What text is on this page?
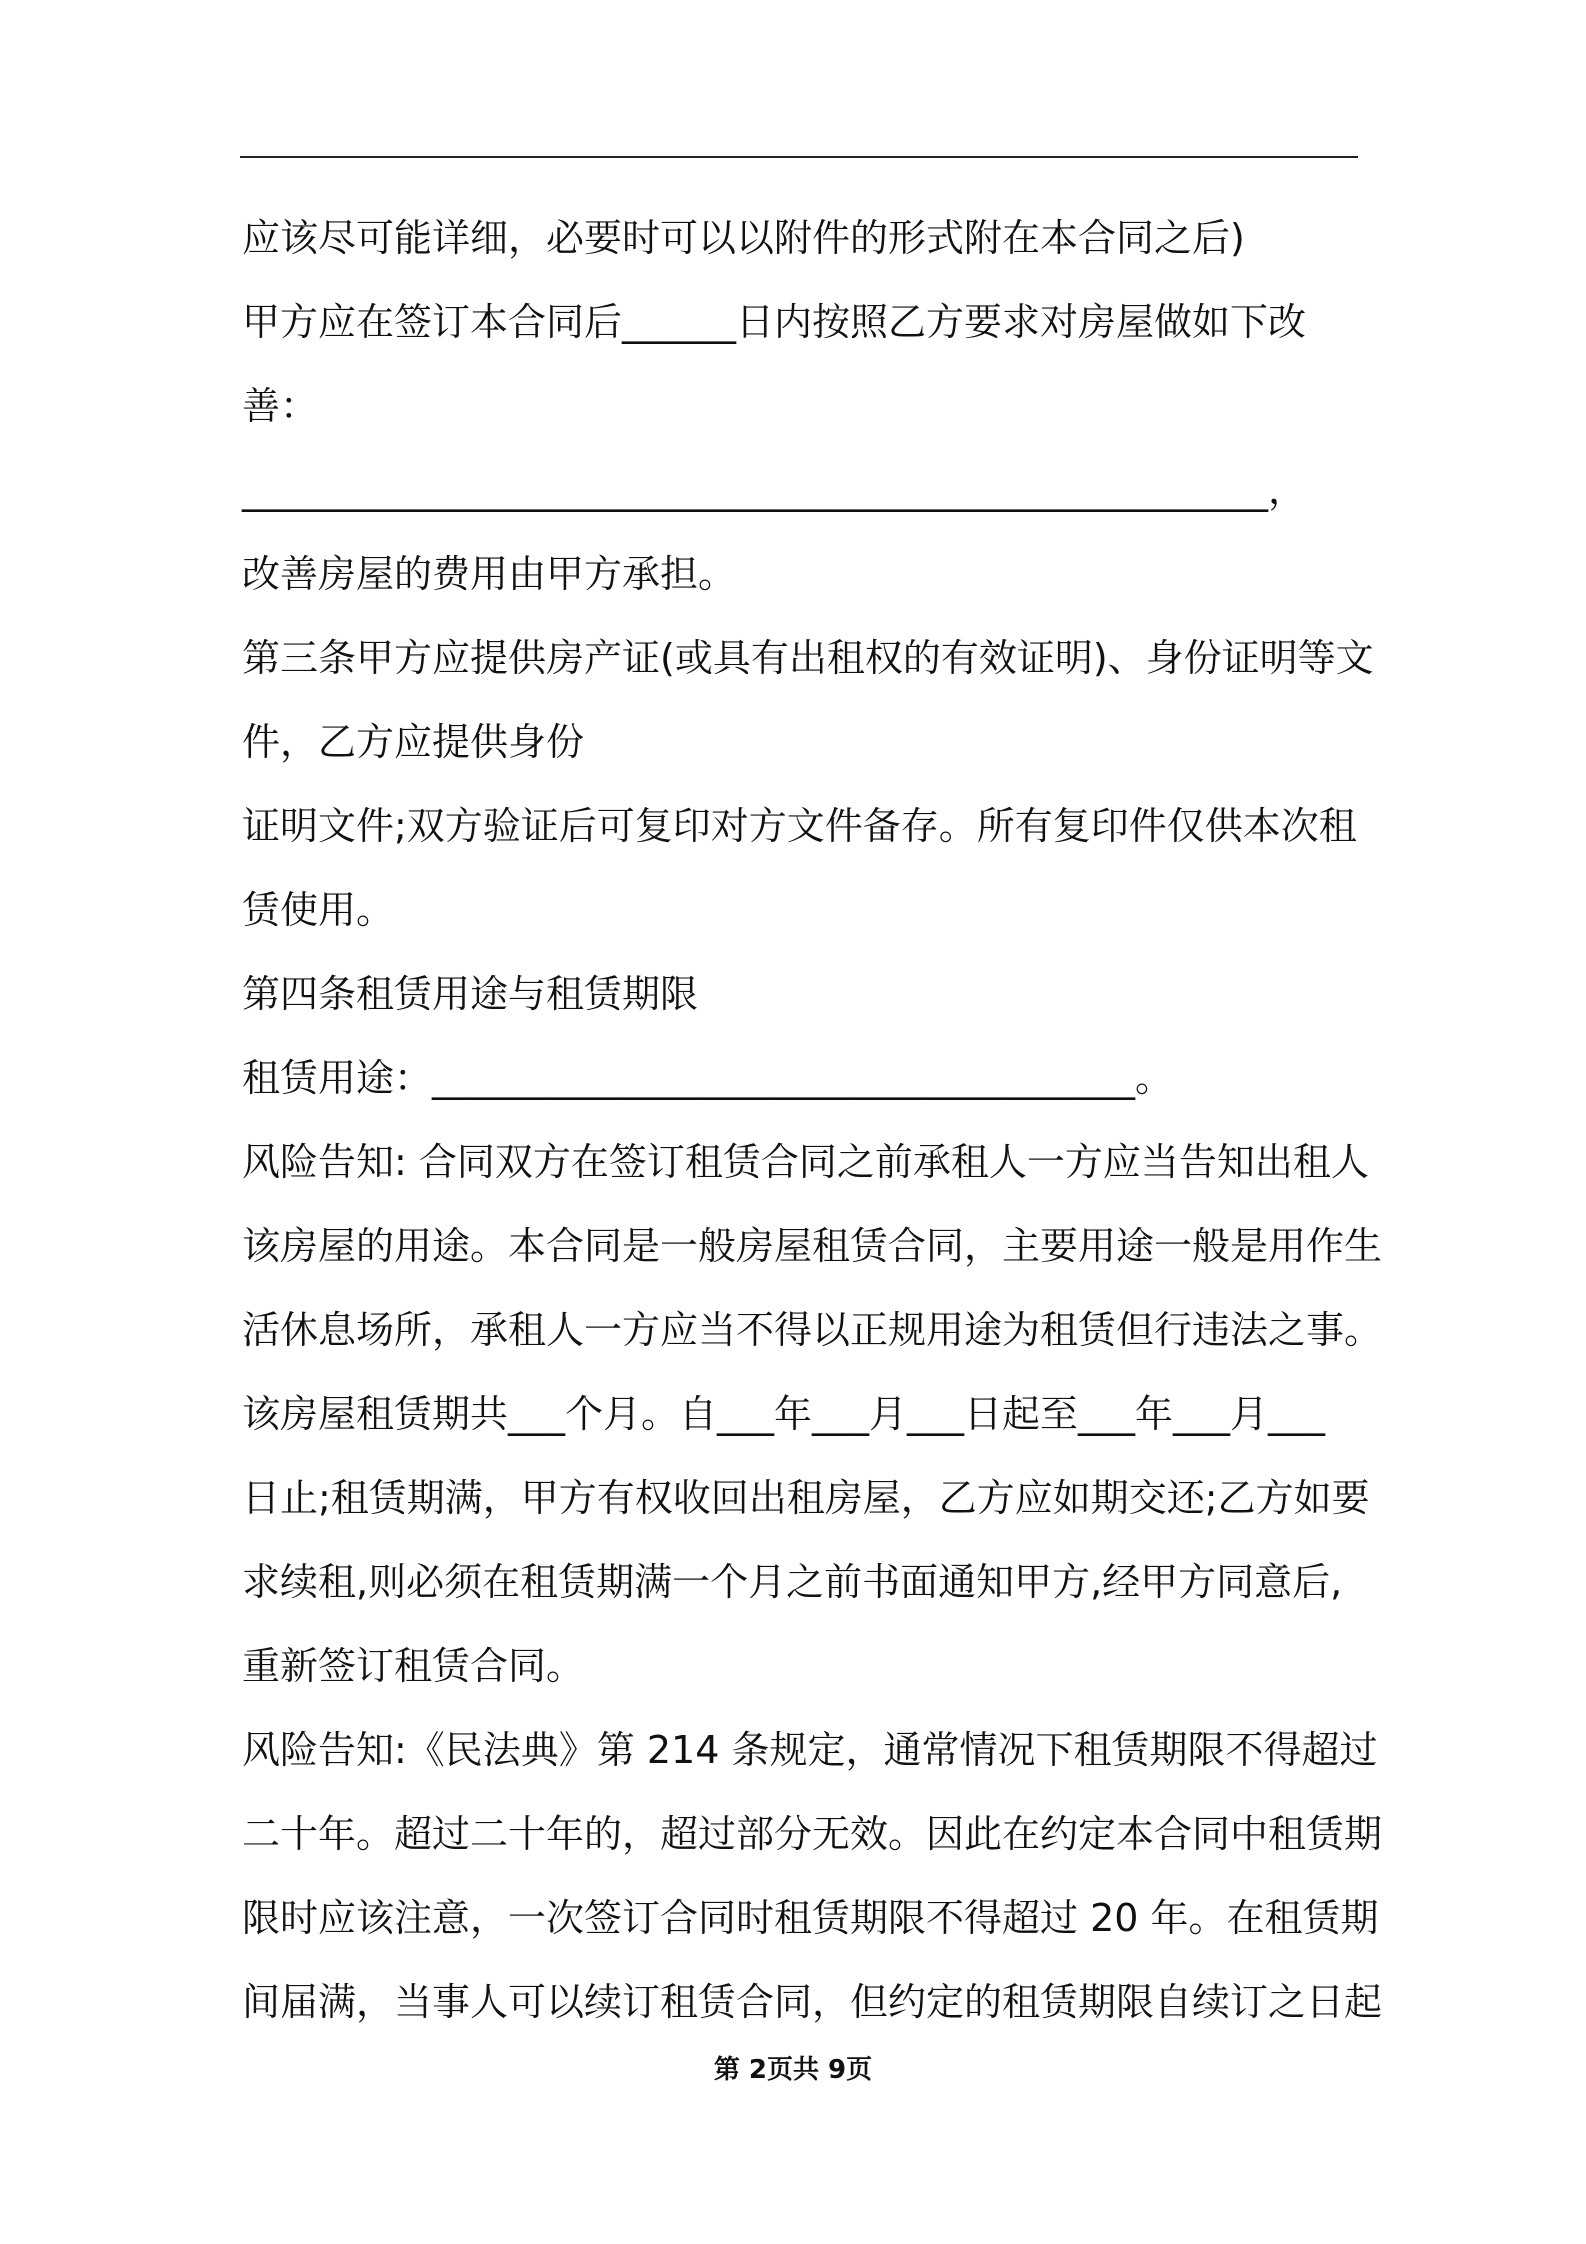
应该尽可能详细，必要时可以以附件的形式附在本合同之后)
甲方应在签订本合同后______日内按照乙方要求对房屋做如下改
善：
______________________________________________________，
改善房屋的费用由甲方承担。
第三条甲方应提供房产证(或具有出租权的有效证明)、身份证明等文
件，乙方应提供身份
证明文件;双方验证后可复印对方文件备存。所有复印件仅供本次租
赁使用。
第四条租赁用途与租赁期限
租赁用途：_____________________________________。
风险告知: 合同双方在签订租赁合同之前承租人一方应当告知出租人
该房屋的用途。本合同是一般房屋租赁合同，主要用途一般是用作生
活休息场所，承租人一方应当不得以正规用途为租赁但行违法之事。
该房屋租赁期共___个月。自___年___月___日起至___年___月___
日止;租赁期满，甲方有权收回出租房屋，乙方应如期交还;乙方如要
求续租,则必须在租赁期满一个月之前书面通知甲方,经甲方同意后,
重新签订租赁合同。
风险告知:《民法典》第 214 条规定，通常情况下租赁期限不得超过
二十年。超过二十年的，超过部分无效。因此在约定本合同中租赁期
限时应该注意，一次签订合同时租赁期限不得超过 20 年。在租赁期
间届满，当事人可以续订租赁合同，但约定的租赁期限自续订之日起
第 2页共 9页
